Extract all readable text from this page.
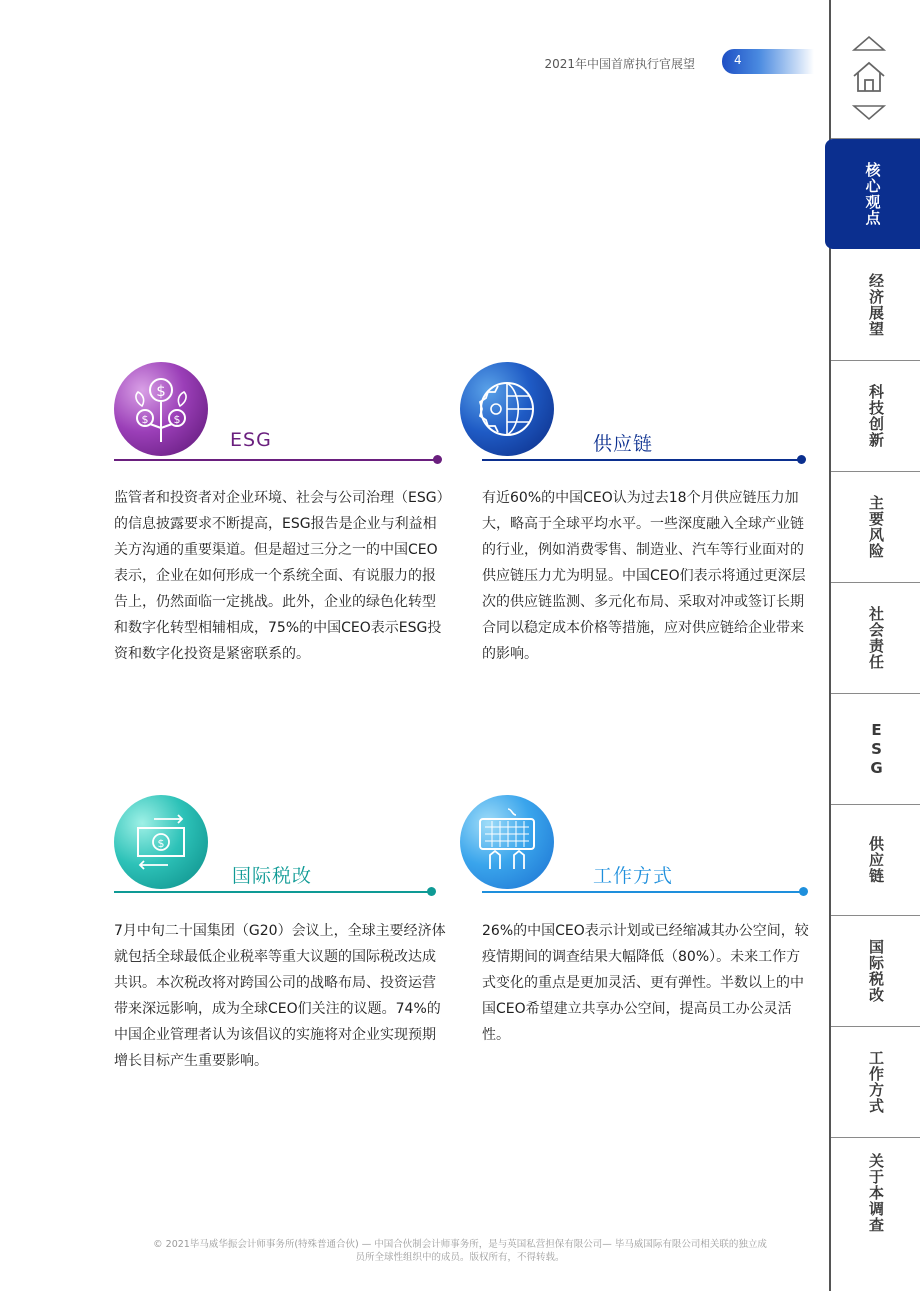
2021年中国首席执行官展望	4
核心观点
经济展望
科技创新
主要风险
社会责任
ESG
供应链
国际税改
工作方式
关于本调查
$
$ $
ESG
监管者和投资者对企业环境、社会与公司治理（ESG）的信息披露要求不断提高，ESG报告是企业与利益相关方沟通的重要渠道。但是超过三分之一的中国CEO表示，企业在如何形成一个系统全面、有说服力的报告上，仍然面临一定挑战。此外，企业的绿色化转型和数字化转型相辅相成，75%的中国CEO表示ESG投资和数字化投资是紧密联系的。
供应链
有近60%的中国CEO认为过去18个月供应链压力加大，略高于全球平均水平。一些深度融入全球产业链的行业，例如消费零售、制造业、汽车等行业面对的供应链压力尤为明显。中国CEO们表示将通过更深层次的供应链监测、多元化布局、采取对冲或签订长期合同以稳定成本价格等措施，应对供应链给企业带来的影响。
$
国际税改
7月中旬二十国集团（G20）会议上，全球主要经济体就包括全球最低企业税率等重大议题的国际税改达成共识。本次税改将对跨国公司的战略布局、投资运营带来深远影响，成为全球CEO们关注的议题。74%的中国企业管理者认为该倡议的实施将对企业实现预期增长目标产生重要影响。
工作方式
26%的中国CEO表示计划或已经缩减其办公空间，较疫情期间的调查结果大幅降低（80%）。未来工作方式变化的重点是更加灵活、更有弹性。半数以上的中国CEO希望建立共享办公空间，提高员工办公灵活性。
© 2021毕马威华振会计师事务所(特殊普通合伙) — 中国合伙制会计师事务所，是与英国私营担保有限公司— 毕马威国际有限公司相关联的独立成
员所全球性组织中的成员。版权所有，不得转载。
